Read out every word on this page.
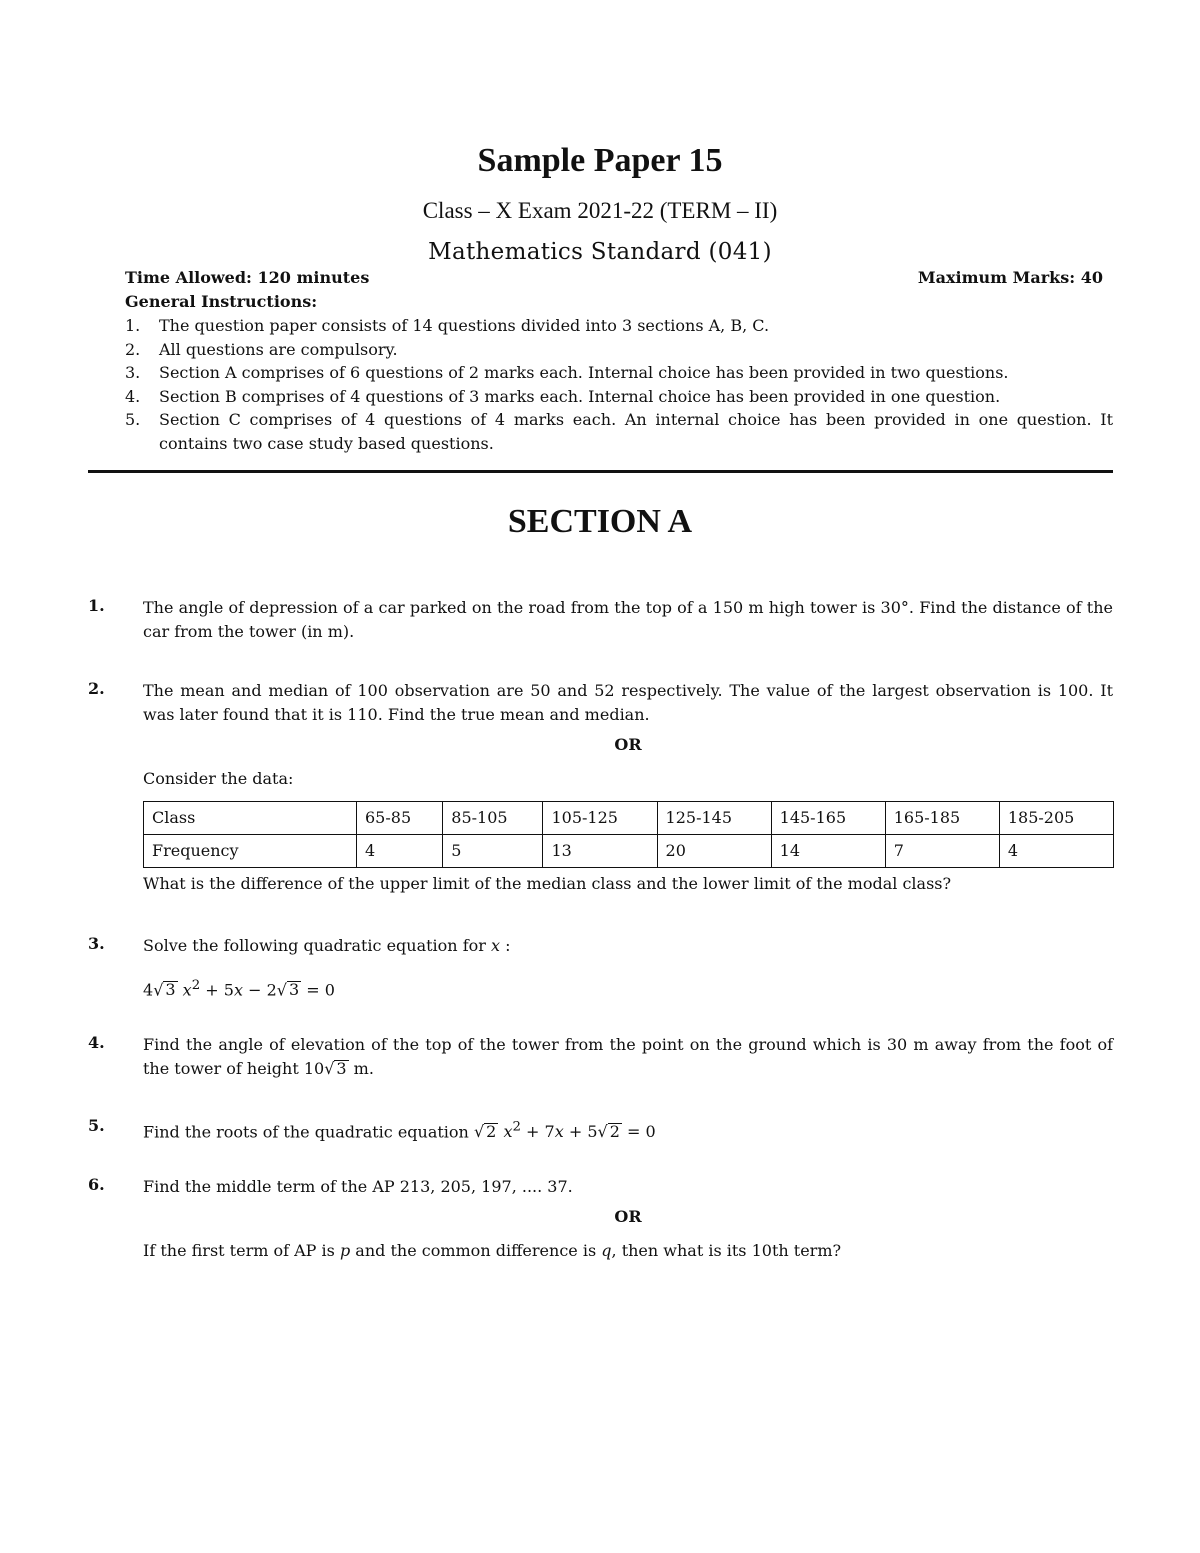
Sample Paper 15
Class – X Exam 2021-22 (TERM – II)
Mathematics Standard (041)
Time Allowed: 120 minutes	Maximum Marks: 40
General Instructions:
1.	The question paper consists of 14 questions divided into 3 sections A, B, C.
2.	All questions are compulsory.
3.	Section A comprises of 6 questions of 2 marks each. Internal choice has been provided in two questions.
4.	Section B comprises of 4 questions of 3 marks each. Internal choice has been provided in one question.
5.	Section C comprises of 4 questions of 4 marks each. An internal choice has been provided in one question. It contains two case study based questions.
SECTION A
1. The angle of depression of a car parked on the road from the top of a 150 m high tower is 30°. Find the distance of the car from the tower (in m).
2. The mean and median of 100 observation are 50 and 52 respectively. The value of the largest observation is 100. It was later found that it is 110. Find the true mean and median.

OR

Consider the data:

Class	65-85	85-105	105-125	125-145	145-165	165-185	185-205
Frequency	4	5	13	20	14	7	4

What is the difference of the upper limit of the median class and the lower limit of the modal class?

3. Solve the following quadratic equation for x :

4√ 3 $x^2 + 5x - 2√$ 3 = 0

4. Find the angle of elevation of the top of the tower from the point on the ground which is 30 m away from the foot of the tower of height 10√ 3 m.
5. Find the roots of the quadratic equation √ 2 $x^2 + 7x + 5√$ 2 = 0
6. Find the middle term of the AP 213, 205, 197, .... 37.

OR

If the first term of AP is p and the common difference is q, then what is its 10th term?
